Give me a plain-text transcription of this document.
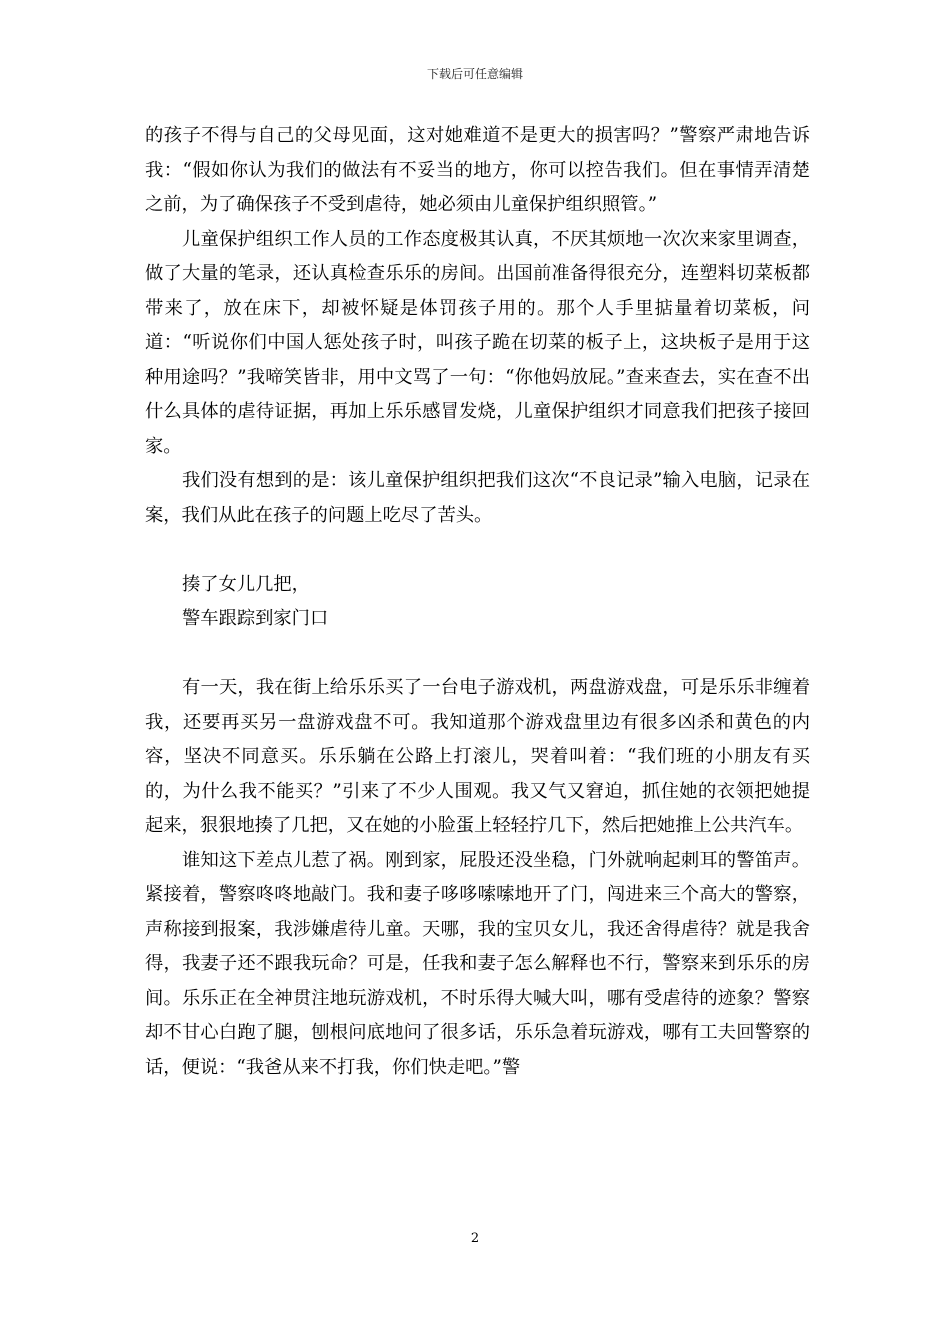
下载后可任意编辑

的孩子不得与自己的父母见面，这对她难道不是更大的损害吗？”警察严肃地告诉我：“假如你认为我们的做法有不妥当的地方，你可以控告我们。但在事情弄清楚之前，为了确保孩子不受到虐待，她必须由儿童保护组织照管。”

儿童保护组织工作人员的工作态度极其认真，不厌其烦地一次次来家里调查，做了大量的笔录，还认真检查乐乐的房间。出国前准备得很充分，连塑料切菜板都带来了，放在床下，却被怀疑是体罚孩子用的。那个人手里掂量着切菜板，问道：“听说你们中国人惩处孩子时，叫孩子跪在切菜的板子上，这块板子是用于这种用途吗？”我啼笑皆非，用中文骂了一句：“你他妈放屁。”查来查去，实在查不出什么具体的虐待证据，再加上乐乐感冒发烧，儿童保护组织才同意我们把孩子接回家。

我们没有想到的是：该儿童保护组织把我们这次“不良记录”输入电脑，记录在案，我们从此在孩子的问题上吃尽了苦头。

揍了女儿几把，

警车跟踪到家门口

有一天，我在街上给乐乐买了一台电子游戏机，两盘游戏盘，可是乐乐非缠着我，还要再买另一盘游戏盘不可。我知道那个游戏盘里边有很多凶杀和黄色的内容，坚决不同意买。乐乐躺在公路上打滚儿，哭着叫着：“我们班的小朋友有买的，为什么我不能买？”引来了不少人围观。我又气又窘迫，抓住她的衣领把她提起来，狠狠地揍了几把，又在她的小脸蛋上轻轻拧几下，然后把她推上公共汽车。

谁知这下差点儿惹了祸。刚到家，屁股还没坐稳，门外就响起刺耳的警笛声。紧接着，警察咚咚地敲门。我和妻子哆哆嗦嗦地开了门，闯进来三个高大的警察，声称接到报案，我涉嫌虐待儿童。天哪，我的宝贝女儿，我还舍得虐待？就是我舍得，我妻子还不跟我玩命？可是，任我和妻子怎么解释也不行，警察来到乐乐的房间。乐乐正在全神贯注地玩游戏机，不时乐得大喊大叫，哪有受虐待的迹象？警察却不甘心白跑了腿，刨根问底地问了很多话，乐乐急着玩游戏，哪有工夫回警察的话，便说：“我爸从来不打我，你们快走吧。”警

2
